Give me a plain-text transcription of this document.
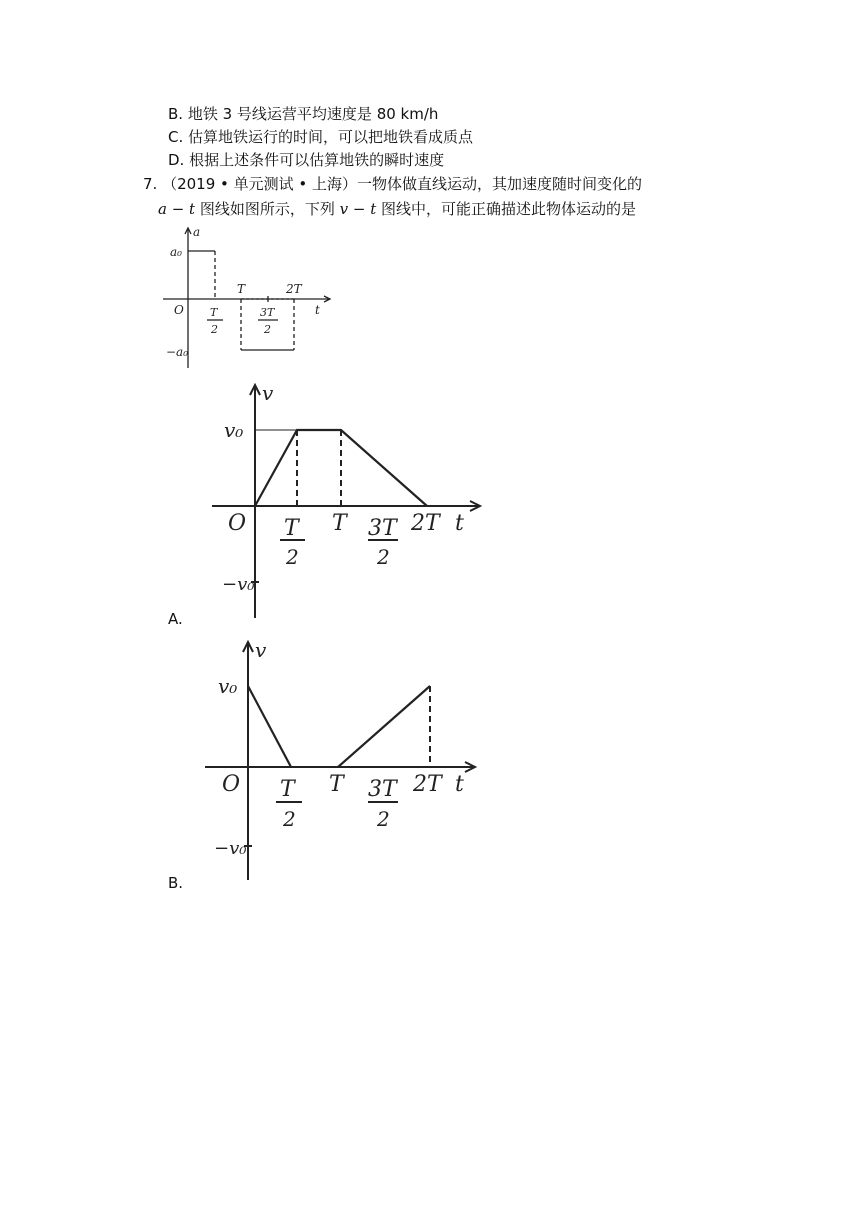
B. 地铁 3 号线运营平均速度是 80 km/h
C. 估算地铁运行的时间，可以把地铁看成质点
D. 根据上述条件可以估算地铁的瞬时速度
7. （2019 • 单元测试 • 上海）一物体做直线运动，其加速度随时间变化的
a − t 图线如图所示，下列 v − t 图线中，可能正确描述此物体运动的是
a
t
O
a₀
−a₀
T
2
T
3T
2
2T
v
t
O
v₀
−v₀
T
2
T 3T
2
2T
A.
v
t
O
v₀
−v₀
T
2
T 3T
2
2T
B.
